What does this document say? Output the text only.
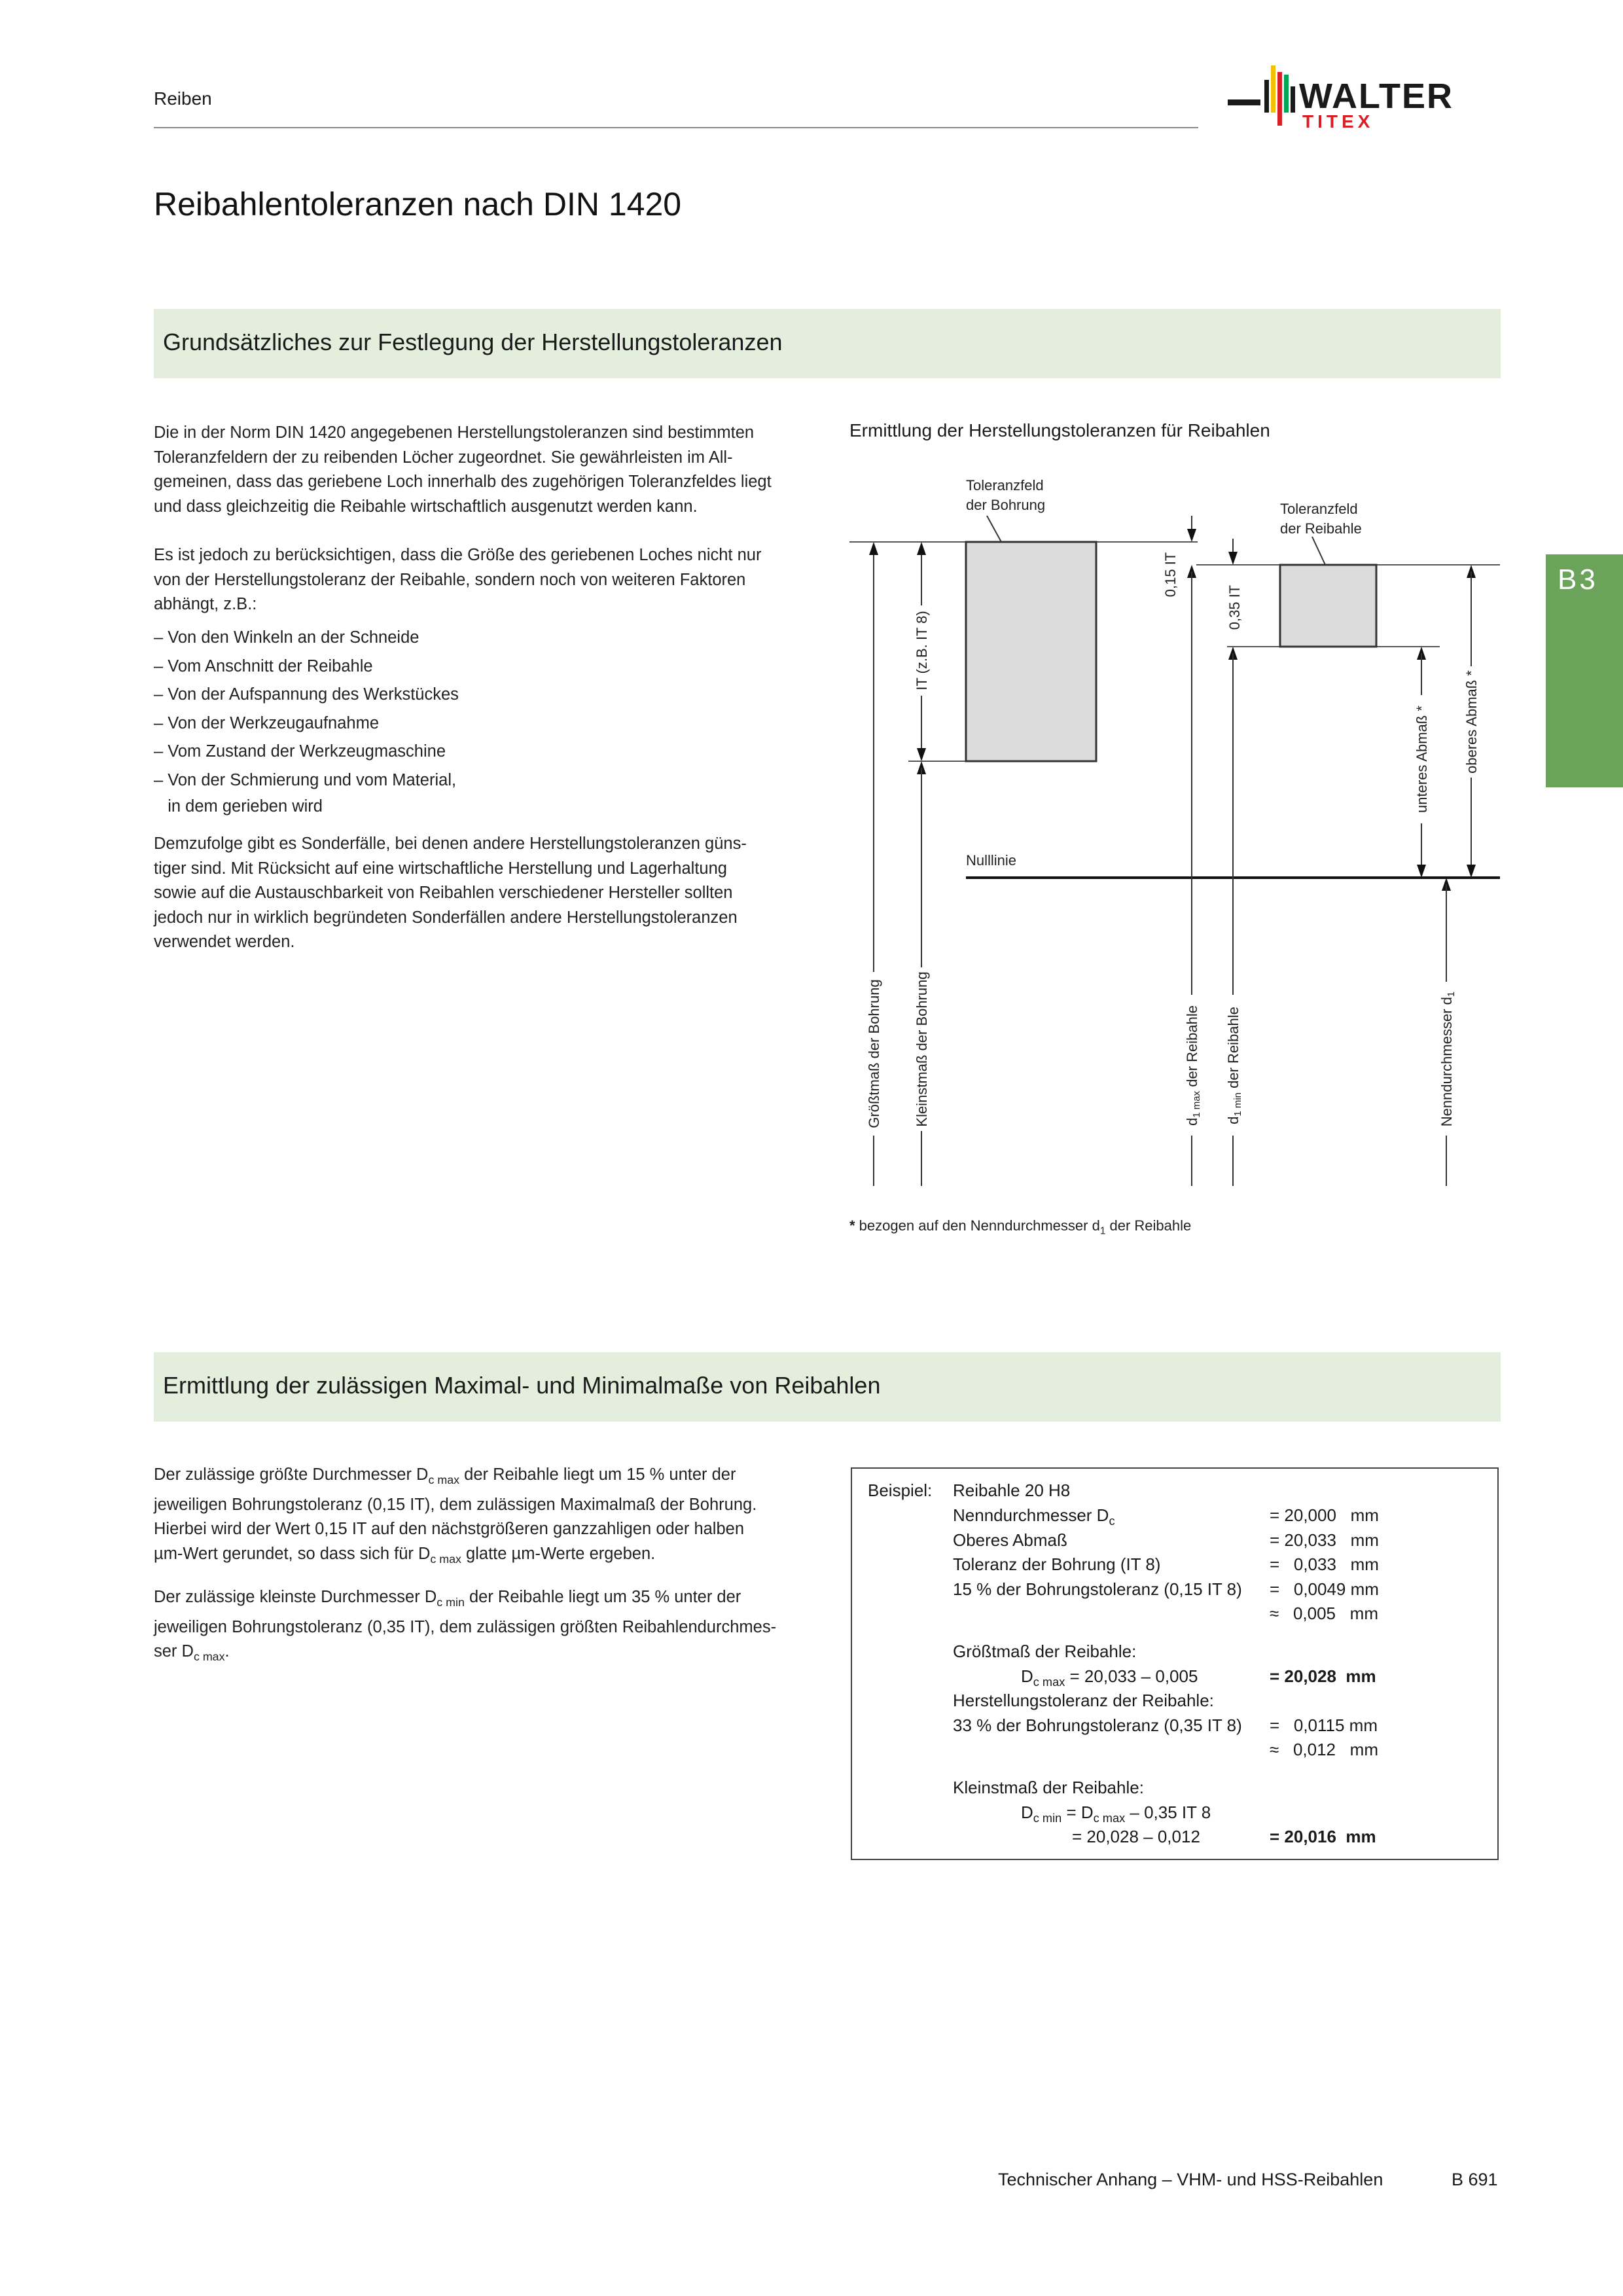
Reiben	WALTER
TITEX
Reibahlentoleranzen nach DIN 1420
B3
Grundsätzliches zur Festlegung der Herstellungstoleranzen

Die in der Norm DIN 1420 angegebenen Herstellungstoleranzen sind bestimmten

Toleranzfeldern der zu reibenden Löcher zugeordnet. Sie gewährleisten im All-

gemeinen, dass das geriebene Loch innerhalb des zugehörigen Toleranzfeldes liegt

und dass gleichzeitig die Reibahle wirtschaftlich ausgenutzt werden kann.

Es ist jedoch zu berücksichtigen, dass die Größe des geriebenen Loches nicht nur

von der Herstellungstoleranz der Reibahle, sondern noch von weiteren Faktoren

abhängt, z.B.:

– Von den Winkeln an der Schneide

– Vom Anschnitt der Reibahle

– Von der Aufspannung des Werkstückes

– Von der Werkzeugaufnahme

– Vom Zustand der Werkzeugmaschine

– Von der Schmierung und vom Material,

in dem gerieben wird

Demzufolge gibt es Sonderfälle, bei denen andere Herstellungstoleranzen güns-

tiger sind. Mit Rücksicht auf eine wirtschaftliche Herstellung und Lagerhaltung

sowie auf die Austauschbarkeit von Reibahlen verschiedener Hersteller sollten

jedoch nur in wirklich begründeten Sonderfällen andere Herstellungstoleranzen

verwendet werden.

Ermittlung der Herstellungstoleranzen für Reibahlen
Toleranzfeld
der Bohrung	Toleranzfeld
der Reibahle
Nulllinie
IT (z.B. IT 8)
0,15 IT
0,35 IT
unteres Abmaß * oberes Abmaß *
Größtmaß der Bohrung Kleinstmaß der Bohrung	d1 max der Reibahle
d1 min der Reibahle	Nenndurchmesser d1
* bezogen auf den Nenndurchmesser $d_1$ der Reibahle
Ermittlung der zulässigen Maximal- und Minimalmaße von Reibahlen

Der zulässige größte Durchmesser $D_{c max}$ der Reibahle liegt um 15 % unter der

jeweiligen Bohrungstoleranz (0,15 IT), dem zulässigen Maximalmaß der Bohrung.

Hierbei wird der Wert 0,15 IT auf den nächstgrößeren ganzzahligen oder halben

µm-Wert gerundet, so dass sich für $D_{c max}$ glatte µm-Werte ergeben.

Der zulässige kleinste Durchmesser $D_{c min}$ der Reibahle liegt um 35 % unter der

jeweiligen Bohrungstoleranz (0,35 IT), dem zulässigen größten Reibahlendurchmes-

ser $D_{c max}$.

Beispiel: Reibahle 20 H8
Nenndurchmesser $D_c$	= 20,000   mm
Oberes Abmaß	= 20,033   mm
Toleranz der Bohrung (IT 8)	=   0,033   mm
15 % der Bohrungstoleranz (0,15 IT 8) =   0,0049 mm
≈   0,005   mm
Größtmaß der Reibahle:
$D_{c max} = 20,033 - 0,005$	= 20,028  mm
Herstellungstoleranz der Reibahle:
33 % der Bohrungstoleranz (0,35 IT 8) =   0,0115 mm
≈   0,012   mm
Kleinstmaß der Reibahle:
$D_{c min} = D_{c max} - 0,35$ IT 8
= 20,028 – 0,012	= 20,016  mm
Technischer Anhang – VHM- und HSS-Reibahlen	B 691
